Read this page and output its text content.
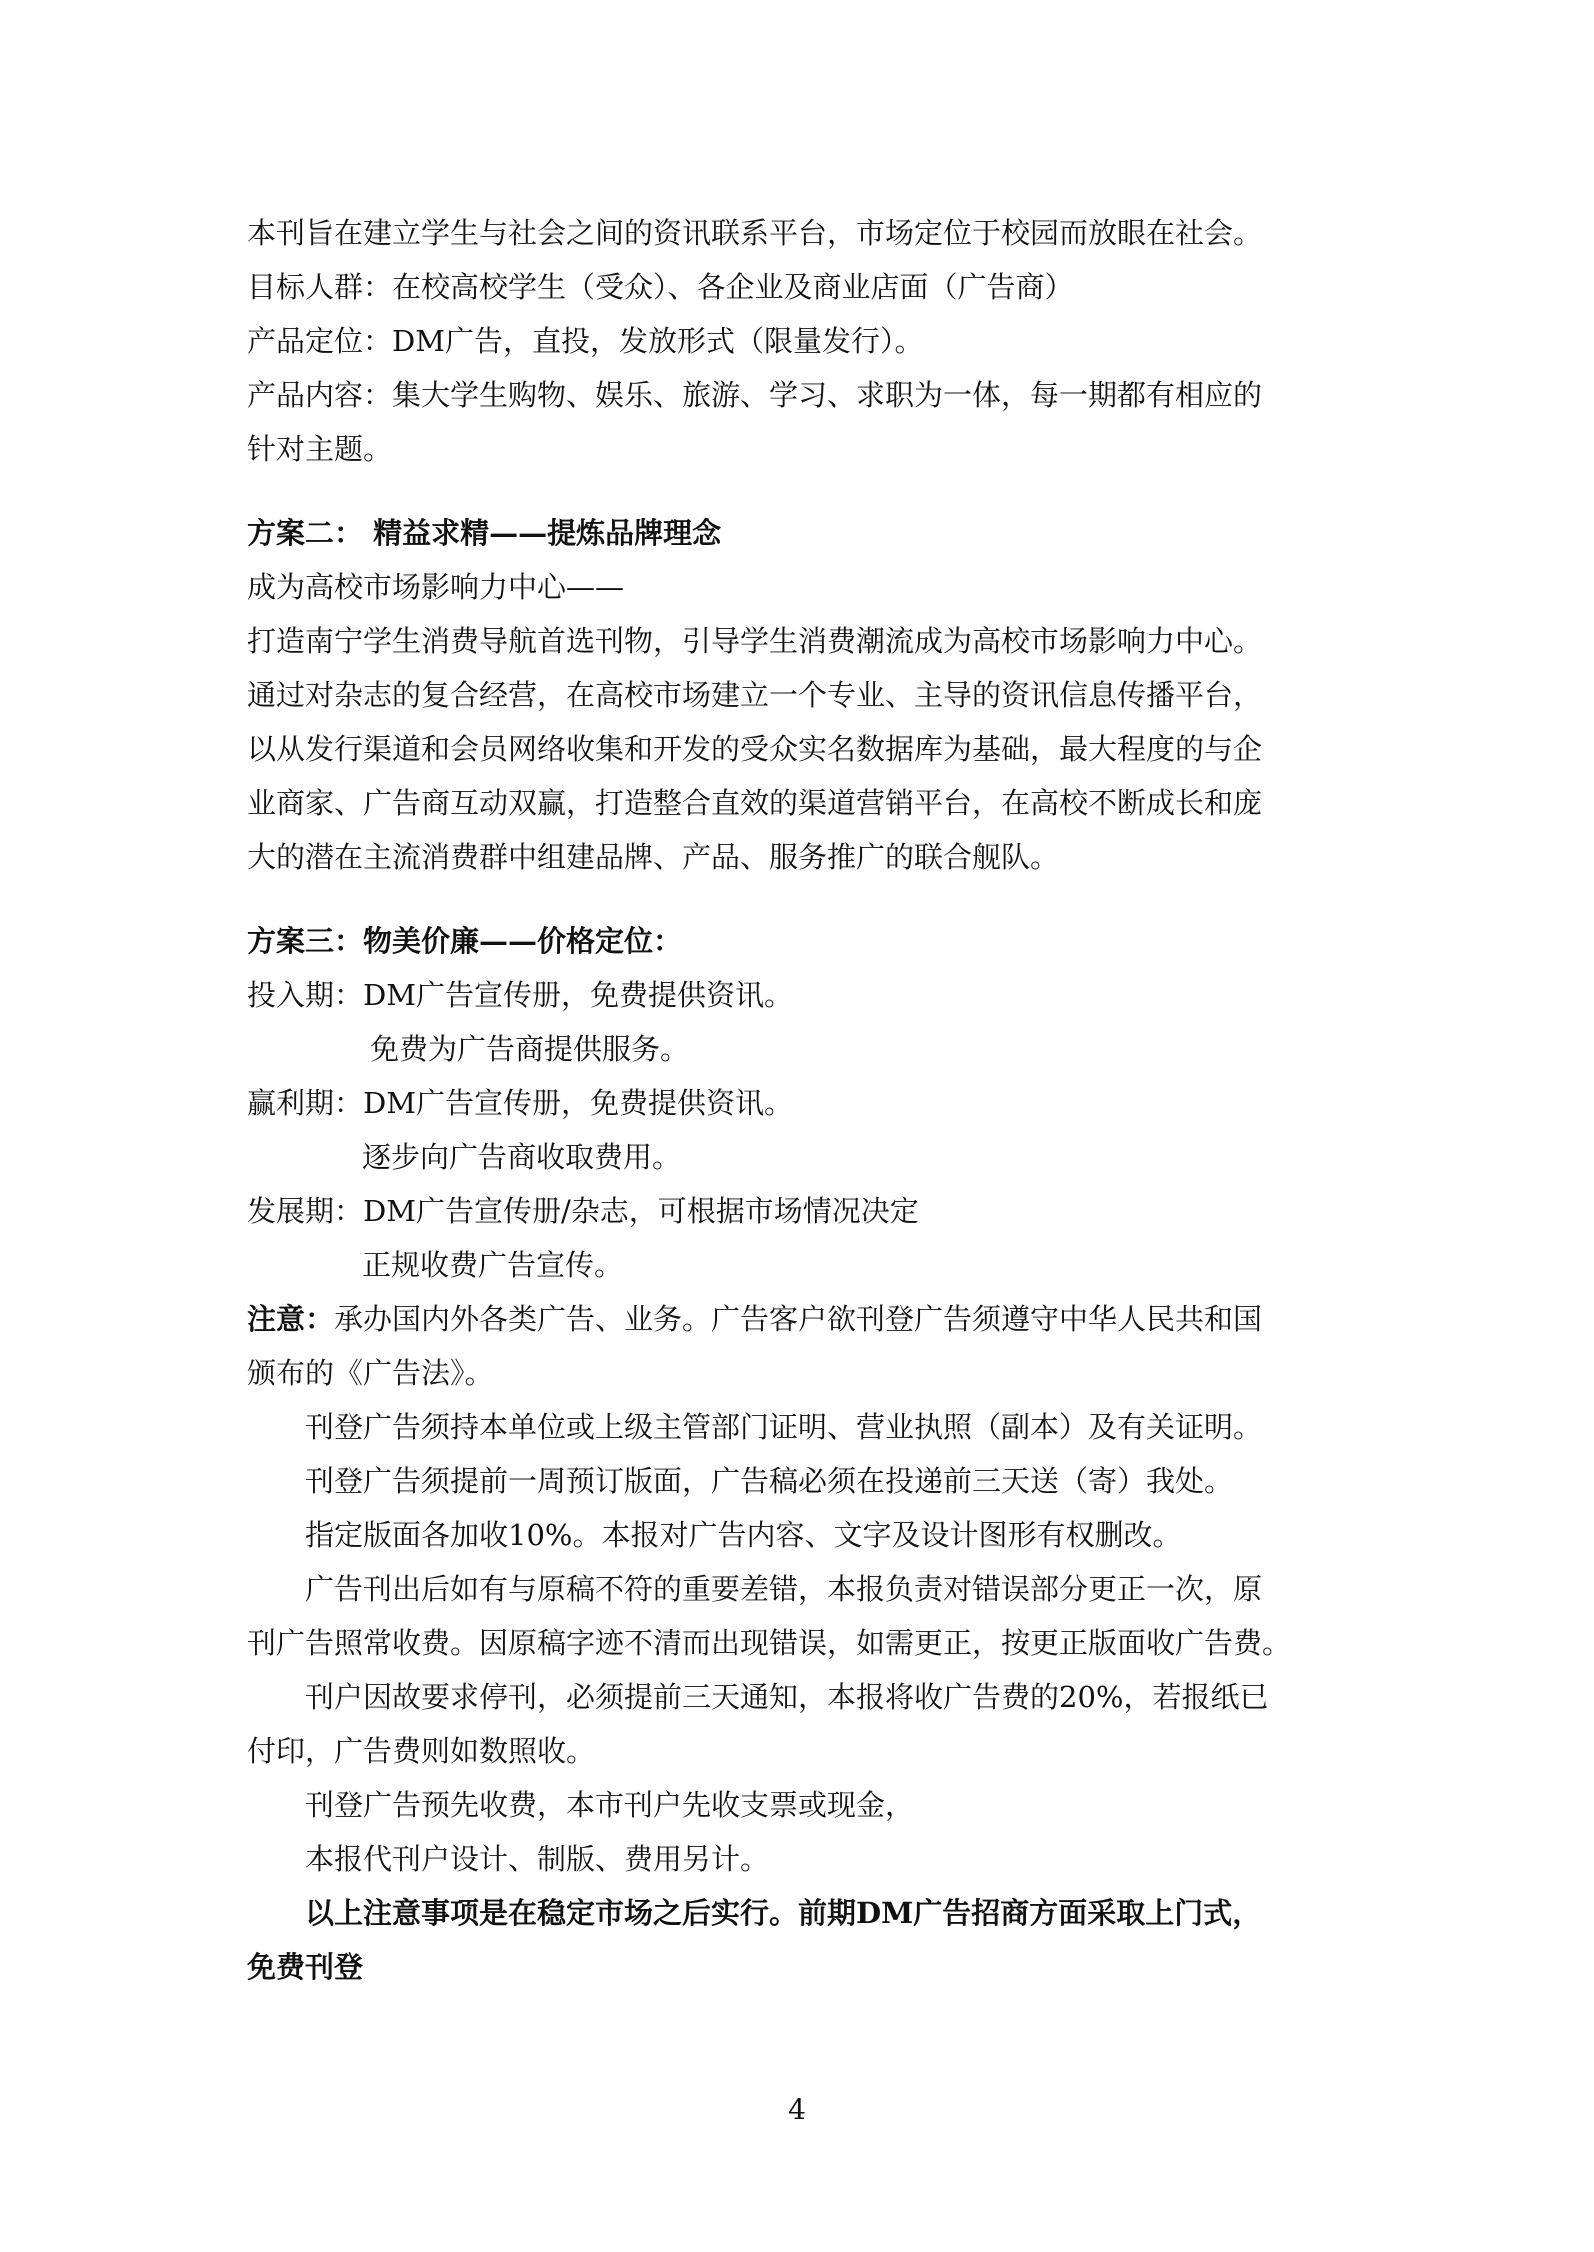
本刊旨在建立学生与社会之间的资讯联系平台，市场定位于校园而放眼在社会。
目标人群：在校高校学生（受众）、各企业及商业店面（广告商）
产品定位：DM广告，直投，发放形式（限量发行）。
产品内容：集大学生购物、娱乐、旅游、学习、求职为一体，每一期都有相应的
针对主题。
方案二： 精益求精——提炼品牌理念
成为高校市场影响力中心——
打造南宁学生消费导航首选刊物，引导学生消费潮流成为高校市场影响力中心。
通过对杂志的复合经营，在高校市场建立一个专业、主导的资讯信息传播平台，
以从发行渠道和会员网络收集和开发的受众实名数据库为基础，最大程度的与企
业商家、广告商互动双赢，打造整合直效的渠道营销平台，在高校不断成长和庞
大的潜在主流消费群中组建品牌、产品、服务推广的联合舰队。
方案三：物美价廉——价格定位：
投入期：DM广告宣传册，免费提供资讯。
免费为广告商提供服务。
赢利期：DM广告宣传册，免费提供资讯。
逐步向广告商收取费用。
发展期：DM广告宣传册/杂志，可根据市场情况决定
正规收费广告宣传。
注意：承办国内外各类广告、业务。广告客户欲刊登广告须遵守中华人民共和国
颁布的《广告法》。
刊登广告须持本单位或上级主管部门证明、营业执照（副本）及有关证明。
刊登广告须提前一周预订版面，广告稿必须在投递前三天送（寄）我处。
指定版面各加收10%。本报对广告内容、文字及设计图形有权删改。
广告刊出后如有与原稿不符的重要差错，本报负责对错误部分更正一次，原
刊广告照常收费。因原稿字迹不清而出现错误，如需更正，按更正版面收广告费。
刊户因故要求停刊，必须提前三天通知，本报将收广告费的20%，若报纸已
付印，广告费则如数照收。
刊登广告预先收费，本市刊户先收支票或现金，
本报代刊户设计、制版、费用另计。
以上注意事项是在稳定市场之后实行。前期DM广告招商方面采取上门式，
免费刊登
4
